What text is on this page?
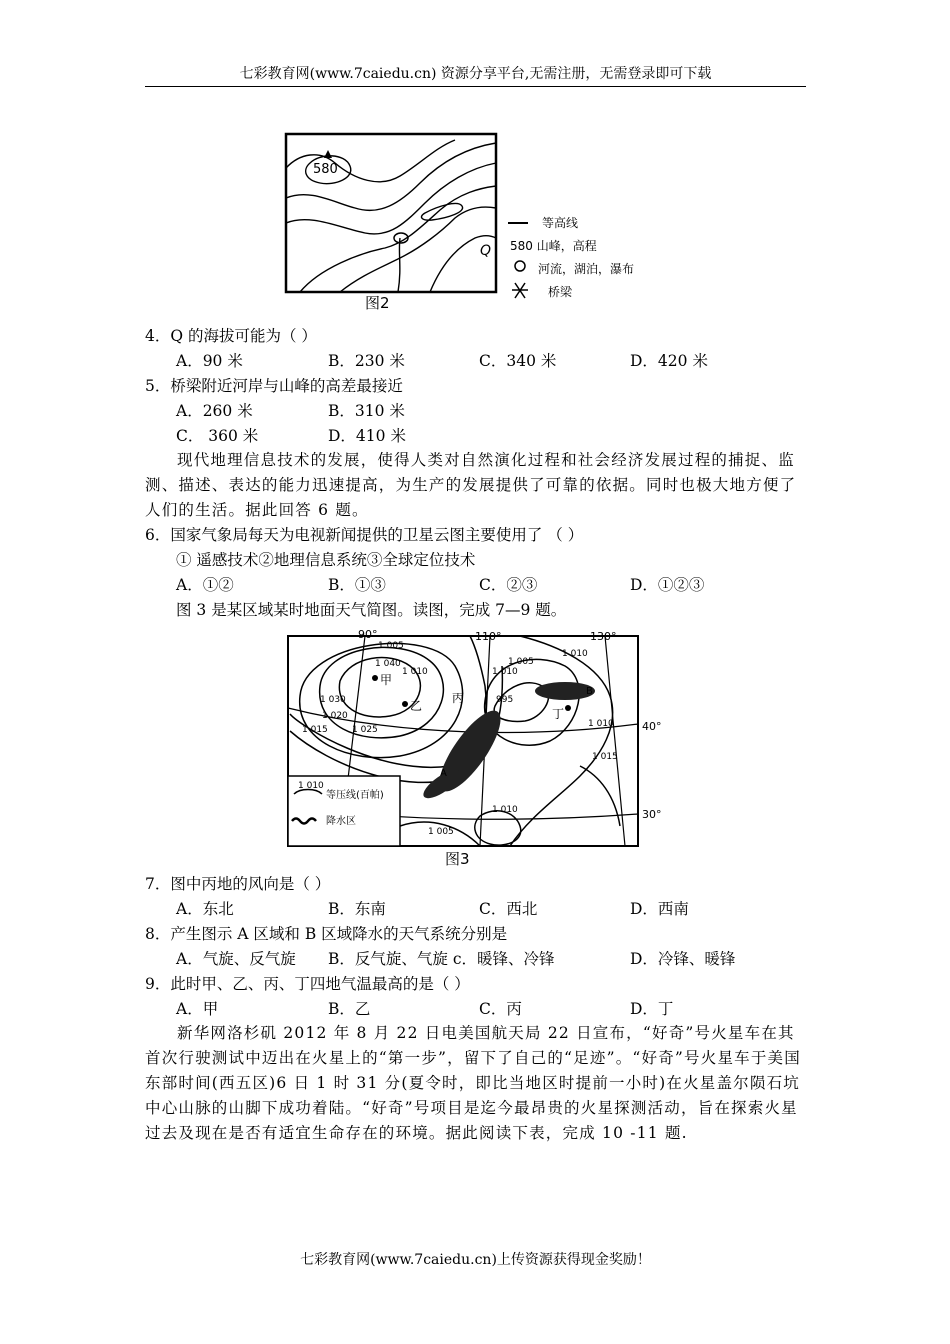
七彩教育网(www.7caiedu.cn) 资源分享平台,无需注册，无需登录即可下载
580
Q
等高线
580 山峰，高程
河流，湖泊，瀑布
桥梁
图2
4．Q 的海拔可能为（ ）
A．90 米	B．230 米	C．340 米	D．420 米
5．桥梁附近河岸与山峰的高差最接近
A．260 米	B．310 米
C． 360 米	D．410 米
现代地理信息技术的发展，使得人类对自然演化过程和社会经济发展过程的捕捉、监测、描述、表达的能力迅速提高，为生产的发展提供了可靠的依据。同时也极大地方便了人们的生活。据此回答 6 题。
6．国家气象局每天为电视新闻提供的卫星云图主要使用了 （ ）
① 遥感技术②地理信息系统③全球定位技术
A．①②	B．①③	C．②③	D．①②③
图 3 是某区域某时地面天气简图。读图，完成 7—9 题。
90°	110°	130°
40°
30°
1 005
1 040
1 010
1 030
1 020
1 015	1 025
1 005
1 010
995
1 015
1 010
1 010
1 005
1 010
甲
乙
丙
丁
A
B
1 010
等压线(百帕)
降水区
图3
7．图中丙地的风向是（ ）
A．东北	B．东南	C．西北	D．西南
8．产生图示 A 区域和 B 区域降水的天气系统分别是
A．气旋、反气旋 B．反气旋、气旋 c．暖锋、冷锋	D．冷锋、暖锋
9．此时甲、乙、丙、丁四地气温最高的是（ ）
A．甲	B．乙	C．丙	D．丁
新华网洛杉矶 2012 年 8 月 22 日电美国航天局 22 日宣布，“好奇”号火星车在其首次行驶测试中迈出在火星上的“第一步”，留下了自己的“足迹”。“好奇”号火星车于美国东部时间(西五区)6 日 1 时 31 分(夏令时，即比当地区时提前一小时)在火星盖尔陨石坑中心山脉的山脚下成功着陆。“好奇”号项目是迄今最昂贵的火星探测活动，旨在探索火星过去及现在是否有适宜生命存在的环境。据此阅读下表，完成 10 -11 题.
七彩教育网(www.7caiedu.cn)上传资源获得现金奖励！
